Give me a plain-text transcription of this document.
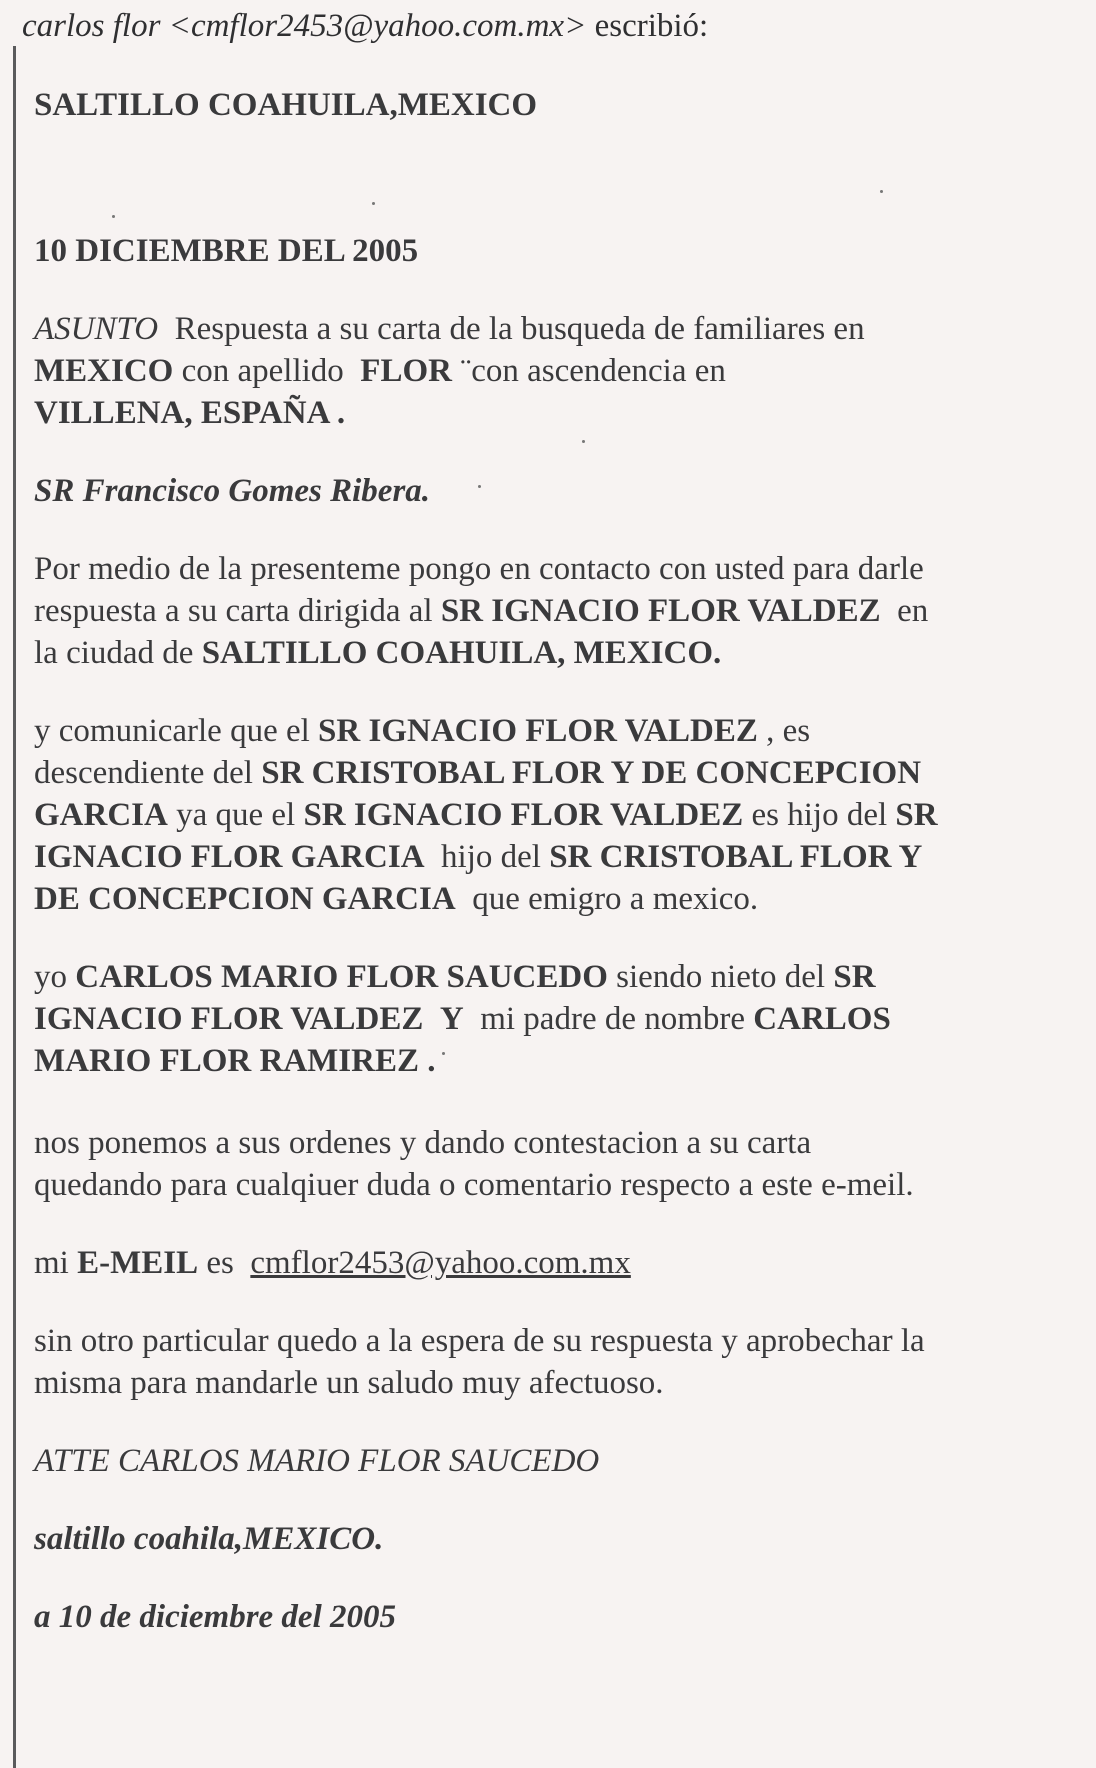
carlos flor <cmflor2453@yahoo.com.mx> escribió:

SALTILLO COAHUILA,MEXICO

10 DICIEMBRE DEL 2005

ASUNTO Respuesta a su carta de la busqueda de familiares en

MEXICO con apellido FLOR ¨con ascendencia en

VILLENA, ESPAÑA .

SR Francisco Gomes Ribera.

Por medio de la presenteme pongo en contacto con usted para darle

respuesta a su carta dirigida al SR IGNACIO FLOR VALDEZ en

la ciudad de SALTILLO COAHUILA, MEXICO.

y comunicarle que el SR IGNACIO FLOR VALDEZ , es

descendiente del SR CRISTOBAL FLOR Y DE CONCEPCION

GARCIA ya que el SR IGNACIO FLOR VALDEZ es hijo del SR

IGNACIO FLOR GARCIA hijo del SR CRISTOBAL FLOR Y

DE CONCEPCION GARCIA que emigro a mexico.

yo CARLOS MARIO FLOR SAUCEDO siendo nieto del SR

IGNACIO FLOR VALDEZ Y mi padre de nombre CARLOS

MARIO FLOR RAMIREZ .

nos ponemos a sus ordenes y dando contestacion a su carta

quedando para cualqiuer duda o comentario respecto a este e-meil.

mi E-MEIL es cmflor2453@yahoo.com.mx

sin otro particular quedo a la espera de su respuesta y aprobechar la

misma para mandarle un saludo muy afectuoso.

ATTE CARLOS MARIO FLOR SAUCEDO

saltillo coahila,MEXICO.

a 10 de diciembre del 2005
